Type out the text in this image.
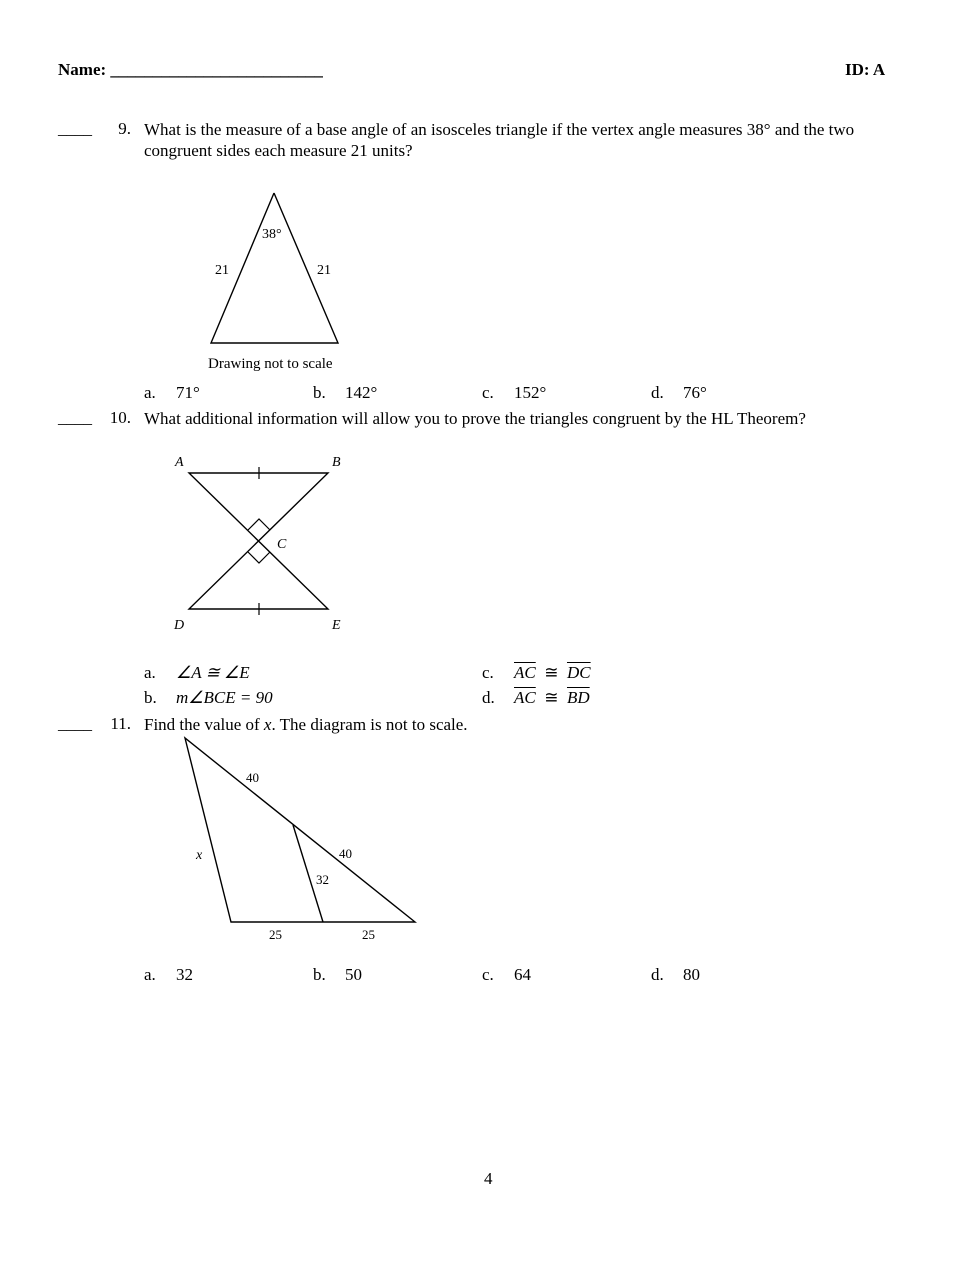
Name: _________________________	ID: A
____	9. What is the measure of a base angle of an isosceles triangle if the vertex angle measures 38° and the two
congruent sides each measure 21 units?
38°
21	21
Drawing not to scale
a. 71°	b. 142°	c. 152°	d. 76°
____	10. What additional information will allow you to prove the triangles congruent by the HL Theorem?
A	B
C
D	E
a. ∠A ≅ ∠E
b. m∠BCE = 90
c. $\overline{AC}$ ≅ $\overline{DC}$
d. $\overline{AC}$ ≅ $\overline{BD}$
____	11. Find the value of x. The diagram is not to scale.
40
40
x
32
25	25
a. 32	b. 50	c. 64	d. 80
4
